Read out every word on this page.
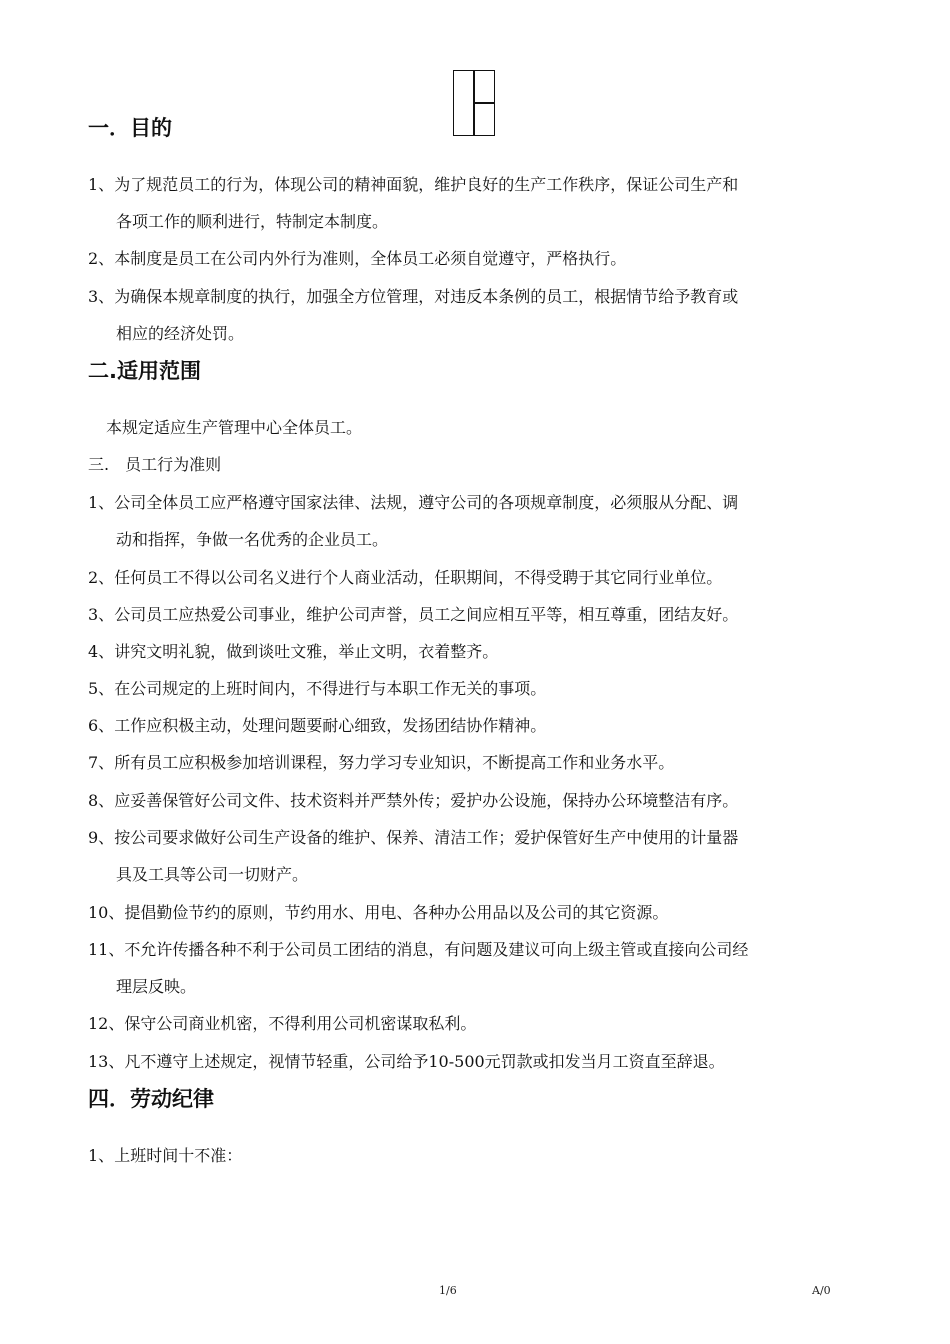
一．目的
1、为了规范员工的行为，体现公司的精神面貌，维护良好的生产工作秩序，保证公司生产和
各项工作的顺利进行，特制定本制度。
2、本制度是员工在公司内外行为准则，全体员工必须自觉遵守，严格执行。
3、为确保本规章制度的执行，加强全方位管理，对违反本条例的员工，根据情节给予教育或
相应的经济处罚。
二.适用范围
本规定适应生产管理中心全体员工。
三.　员工行为准则
1、公司全体员工应严格遵守国家法律、法规，遵守公司的各项规章制度，必须服从分配、调
动和指挥，争做一名优秀的企业员工。
2、任何员工不得以公司名义进行个人商业活动，任职期间，不得受聘于其它同行业单位。
3、公司员工应热爱公司事业，维护公司声誉，员工之间应相互平等，相互尊重，团结友好。
4、讲究文明礼貌，做到谈吐文雅，举止文明，衣着整齐。
5、在公司规定的上班时间内，不得进行与本职工作无关的事项。
6、工作应积极主动，处理问题要耐心细致，发扬团结协作精神。
7、所有员工应积极参加培训课程，努力学习专业知识，不断提高工作和业务水平。
8、应妥善保管好公司文件、技术资料并严禁外传；爱护办公设施，保持办公环境整洁有序。
9、按公司要求做好公司生产设备的维护、保养、清洁工作；爱护保管好生产中使用的计量器
具及工具等公司一切财产。
10、提倡勤俭节约的原则，节约用水、用电、各种办公用品以及公司的其它资源。
11、不允许传播各种不利于公司员工团结的消息，有问题及建议可向上级主管或直接向公司经
理层反映。
12、保守公司商业机密，不得利用公司机密谋取私利。
13、凡不遵守上述规定，视情节轻重，公司给予10-500元罚款或扣发当月工资直至辞退。
四．劳动纪律
1、上班时间十不准：
1/6	A/0
